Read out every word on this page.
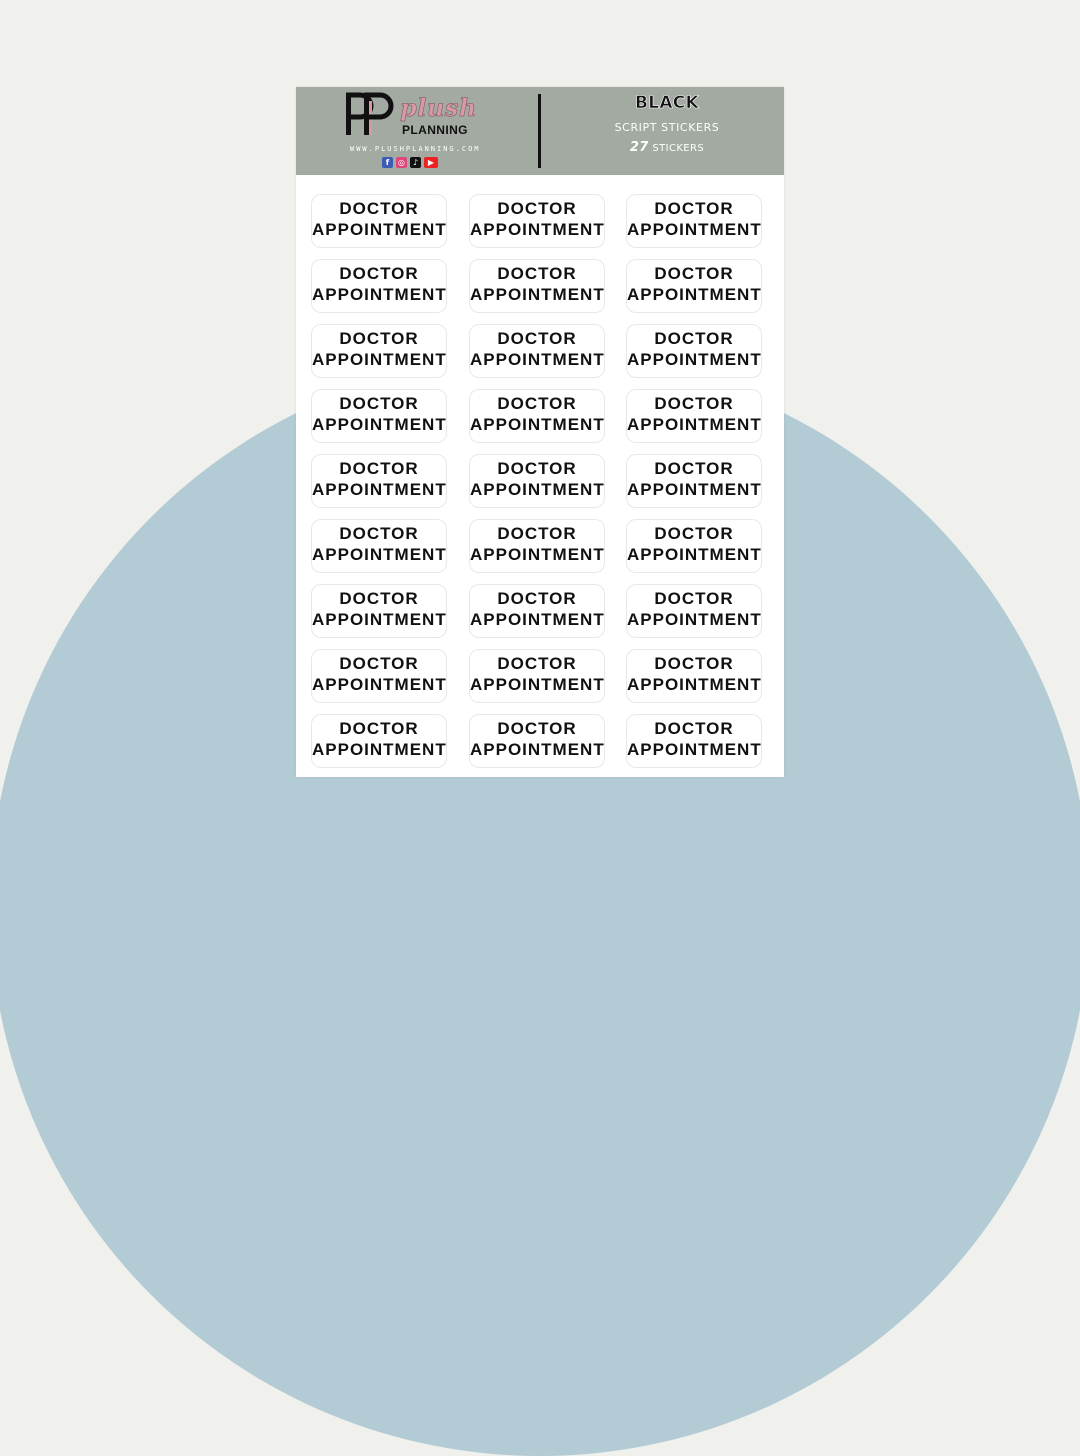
plush
PLANNING
WWW.PLUSHPLANNING.COM
f	◎ ♪	▶
BLACK
SCRIPT STICKERS
27 STICKERS
DOCTOR
APPOINTMENT
DOCTOR
APPOINTMENT
DOCTOR
APPOINTMENT
DOCTOR
APPOINTMENT
DOCTOR
APPOINTMENT
DOCTOR
APPOINTMENT
DOCTOR
APPOINTMENT
DOCTOR
APPOINTMENT
DOCTOR
APPOINTMENT
DOCTOR
APPOINTMENT
DOCTOR
APPOINTMENT
DOCTOR
APPOINTMENT
DOCTOR
APPOINTMENT
DOCTOR
APPOINTMENT
DOCTOR
APPOINTMENT
DOCTOR
APPOINTMENT
DOCTOR
APPOINTMENT
DOCTOR
APPOINTMENT
DOCTOR
APPOINTMENT
DOCTOR
APPOINTMENT
DOCTOR
APPOINTMENT
DOCTOR
APPOINTMENT
DOCTOR
APPOINTMENT
DOCTOR
APPOINTMENT
DOCTOR
APPOINTMENT
DOCTOR
APPOINTMENT
DOCTOR
APPOINTMENT
